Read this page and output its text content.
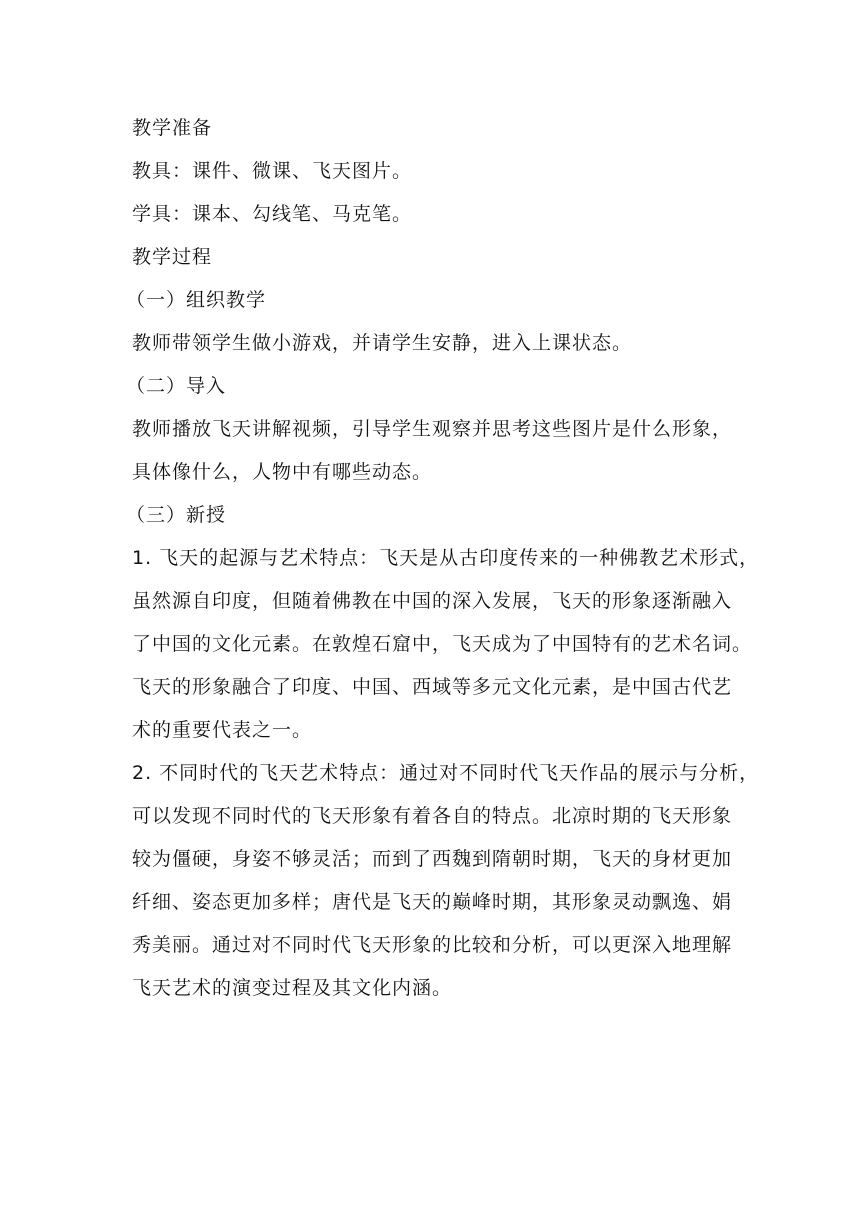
教学准备

教具：课件、微课、飞天图片。

学具：课本、勾线笔、马克笔。

教学过程

（一）组织教学

教师带领学生做小游戏，并请学生安静，进入上课状态。

（二）导入

教师播放飞天讲解视频，引导学生观察并思考这些图片是什么形象，

具体像什么，人物中有哪些动态。

（三）新授

1. 飞天的起源与艺术特点：飞天是从古印度传来的一种佛教艺术形式，

虽然源自印度，但随着佛教在中国的深入发展，飞天的形象逐渐融入

了中国的文化元素。在敦煌石窟中，飞天成为了中国特有的艺术名词。

飞天的形象融合了印度、中国、西域等多元文化元素，是中国古代艺

术的重要代表之一。

2. 不同时代的飞天艺术特点：通过对不同时代飞天作品的展示与分析，

可以发现不同时代的飞天形象有着各自的特点。北凉时期的飞天形象

较为僵硬，身姿不够灵活；而到了西魏到隋朝时期，飞天的身材更加

纤细、姿态更加多样；唐代是飞天的巅峰时期，其形象灵动飘逸、娟

秀美丽。通过对不同时代飞天形象的比较和分析，可以更深入地理解

飞天艺术的演变过程及其文化内涵。
